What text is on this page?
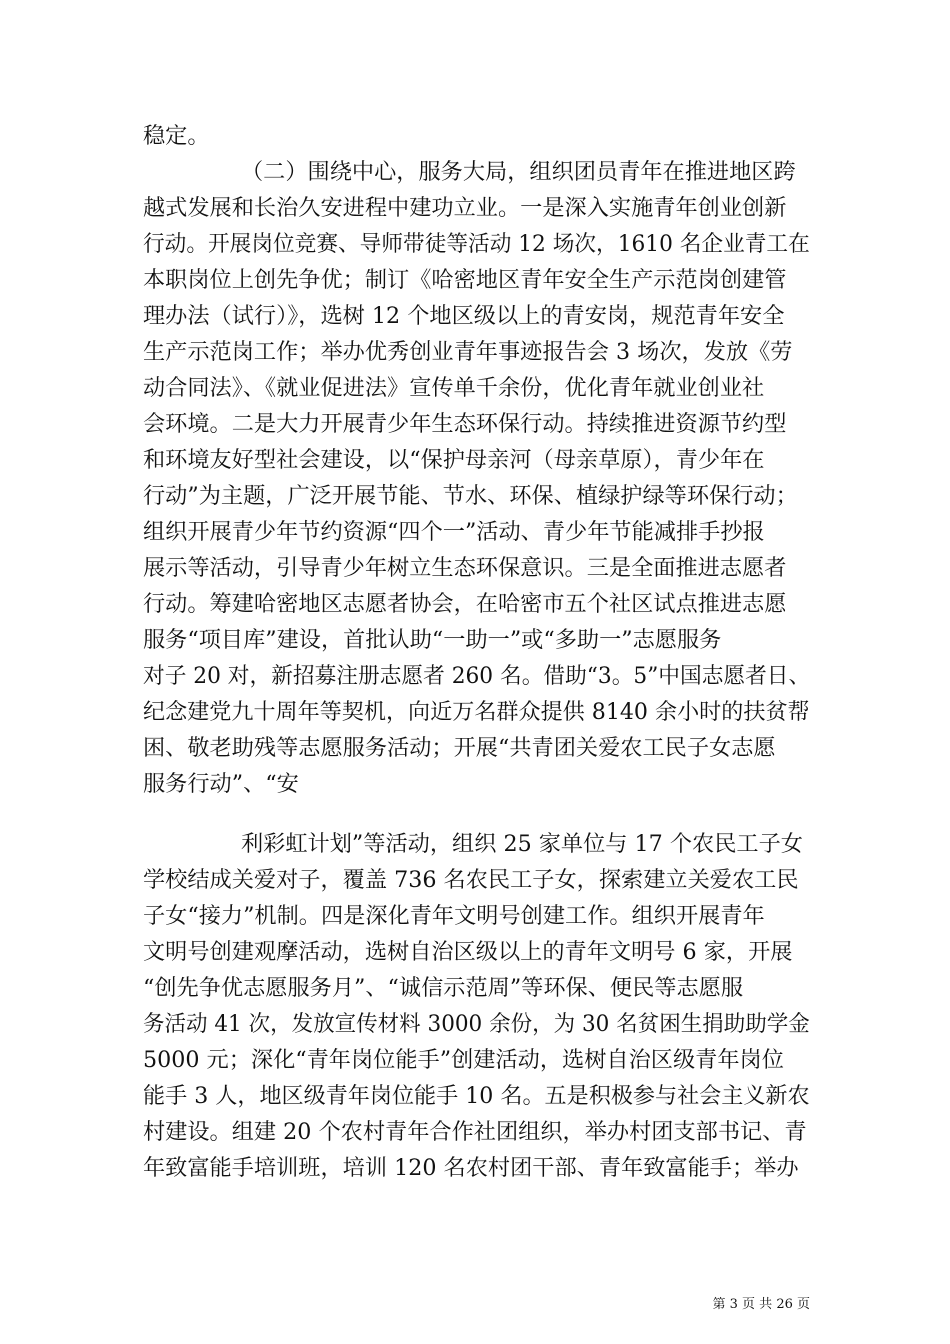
稳定。
（二）围绕中心，服务大局，组织团员青年在推进地区跨
越式发展和长治久安进程中建功立业。一是深入实施青年创业创新
行动。开展岗位竞赛、导师带徒等活动 12 场次，1610 名企业青工在
本职岗位上创先争优；制订《哈密地区青年安全生产示范岗创建管
理办法（试行）》，选树 12 个地区级以上的青安岗，规范青年安全
生产示范岗工作；举办优秀创业青年事迹报告会 3 场次，发放《劳
动合同法》、《就业促进法》宣传单千余份，优化青年就业创业社
会环境。二是大力开展青少年生态环保行动。持续推进资源节约型
和环境友好型社会建设，以“保护母亲河（母亲草原），青少年在
行动”为主题，广泛开展节能、节水、环保、植绿护绿等环保行动；
组织开展青少年节约资源“四个一”活动、青少年节能减排手抄报
展示等活动，引导青少年树立生态环保意识。三是全面推进志愿者
行动。筹建哈密地区志愿者协会，在哈密市五个社区试点推进志愿
服务“项目库”建设，首批认助“一助一”或“多助一”志愿服务
对子 20 对，新招募注册志愿者 260 名。借助“3。5”中国志愿者日、
纪念建党九十周年等契机，向近万名群众提供 8140 余小时的扶贫帮
困、敬老助残等志愿服务活动；开展“共青团关爱农工民子女志愿
服务行动”、“安
利彩虹计划”等活动，组织 25 家单位与 17 个农民工子女
学校结成关爱对子，覆盖 736 名农民工子女，探索建立关爱农工民
子女“接力”机制。四是深化青年文明号创建工作。组织开展青年
文明号创建观摩活动，选树自治区级以上的青年文明号 6 家，开展
“创先争优志愿服务月”、“诚信示范周”等环保、便民等志愿服
务活动 41 次，发放宣传材料 3000 余份，为 30 名贫困生捐助助学金
5000 元；深化“青年岗位能手”创建活动，选树自治区级青年岗位
能手 3 人，地区级青年岗位能手 10 名。五是积极参与社会主义新农
村建设。组建 20 个农村青年合作社团组织，举办村团支部书记、青
年致富能手培训班，培训 120 名农村团干部、青年致富能手；举办
第 3 页 共 26 页
